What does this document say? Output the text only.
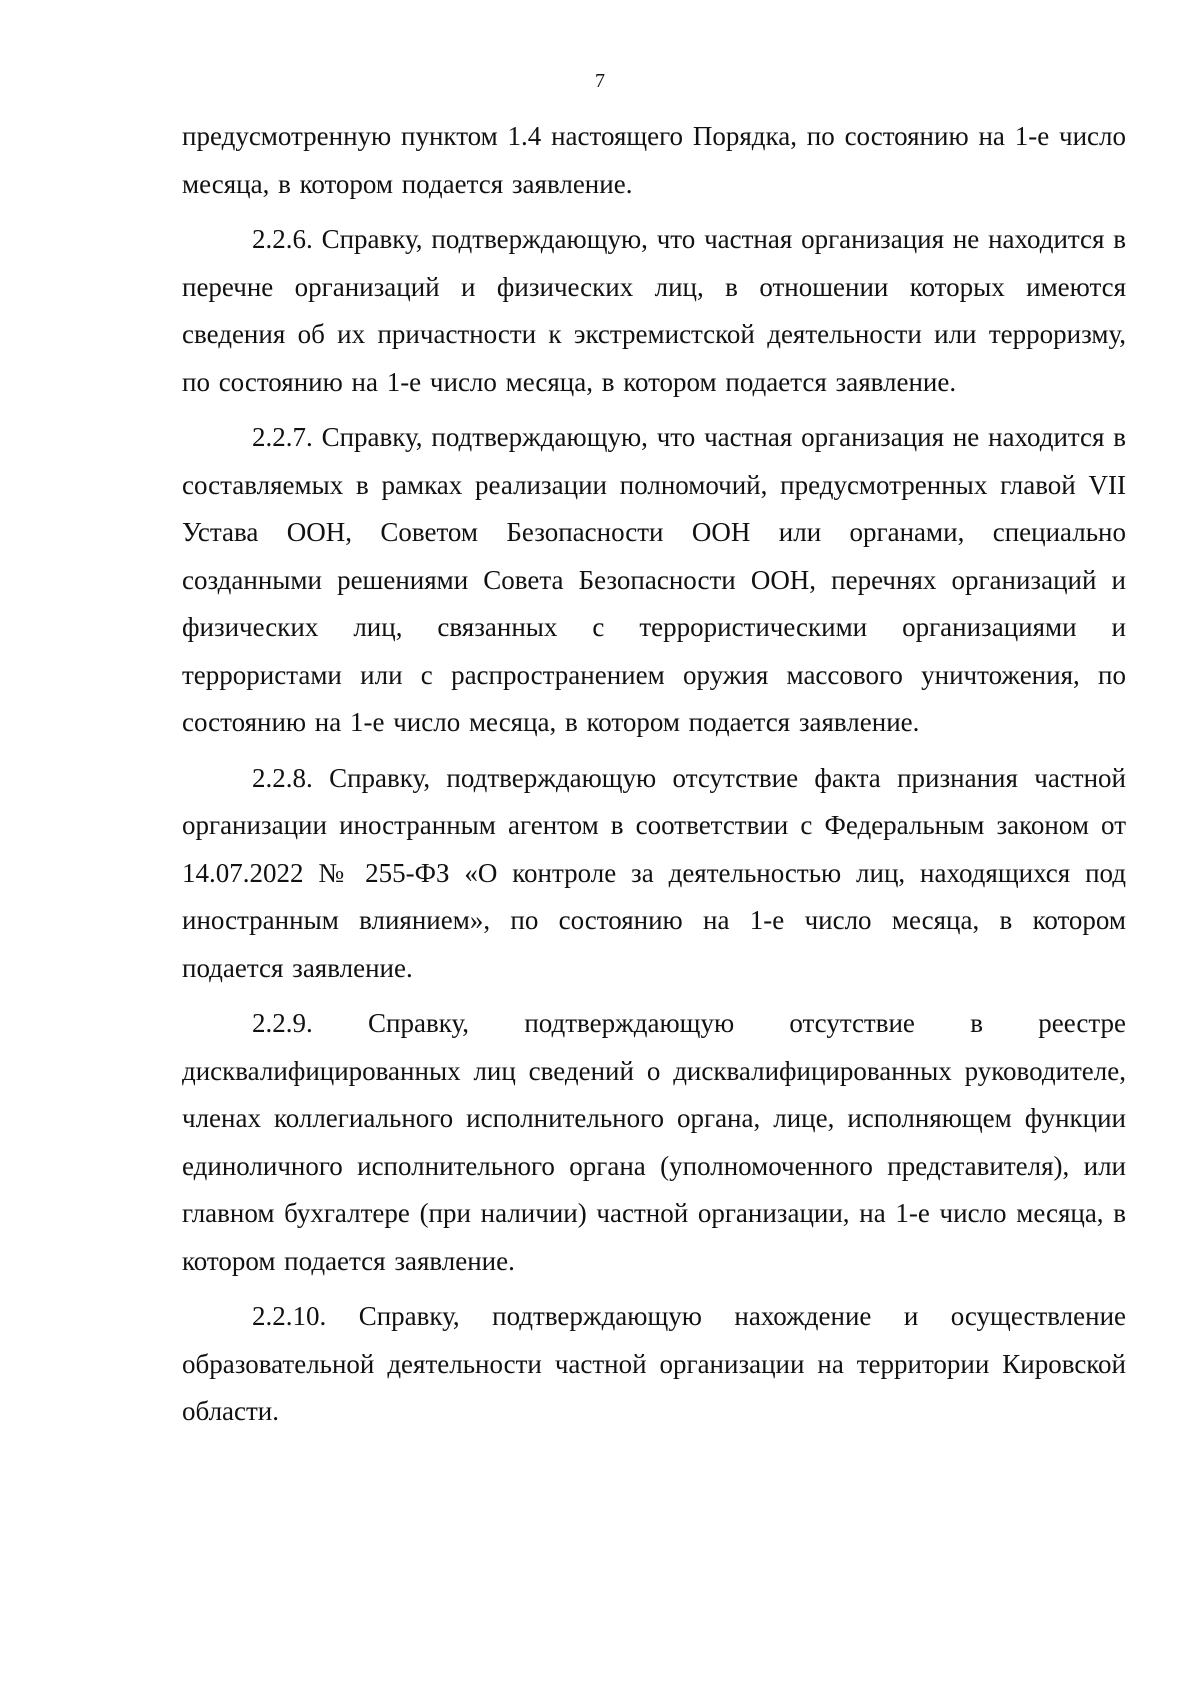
7

предусмотренную пунктом 1.4 настоящего Порядка, по состоянию на 1-е число месяца, в котором подается заявление.

2.2.6. Справку, подтверждающую, что частная организация не находится в перечне организаций и физических лиц, в отношении которых имеются сведения об их причастности к экстремистской деятельности или терроризму, по состоянию на 1-е число месяца, в котором подается заявление.

2.2.7. Справку, подтверждающую, что частная организация не находится в составляемых в рамках реализации полномочий, предусмотренных главой VII Устава ООН, Советом Безопасности ООН или органами, специально созданными решениями Совета Безопасности ООН, перечнях организаций и физических лиц, связанных с террористическими организациями и террористами или с распространением оружия массового уничтожения, по состоянию на 1-е число месяца, в котором подается заявление.

2.2.8. Справку, подтверждающую отсутствие факта признания частной организации иностранным агентом в соответствии с Федеральным законом от 14.07.2022 № 255-ФЗ «О контроле за деятельностью лиц, находящихся под иностранным влиянием», по состоянию на 1-е число месяца, в котором подается заявление.

2.2.9. Справку, подтверждающую отсутствие в реестре дисквалифицированных лиц сведений о дисквалифицированных руководителе, членах коллегиального исполнительного органа, лице, исполняющем функции единоличного исполнительного органа (уполномоченного представителя), или главном бухгалтере (при наличии) частной организации, на 1-е число месяца, в котором подается заявление.

2.2.10. Справку, подтверждающую нахождение и осуществление образовательной деятельности частной организации на территории Кировской области.
